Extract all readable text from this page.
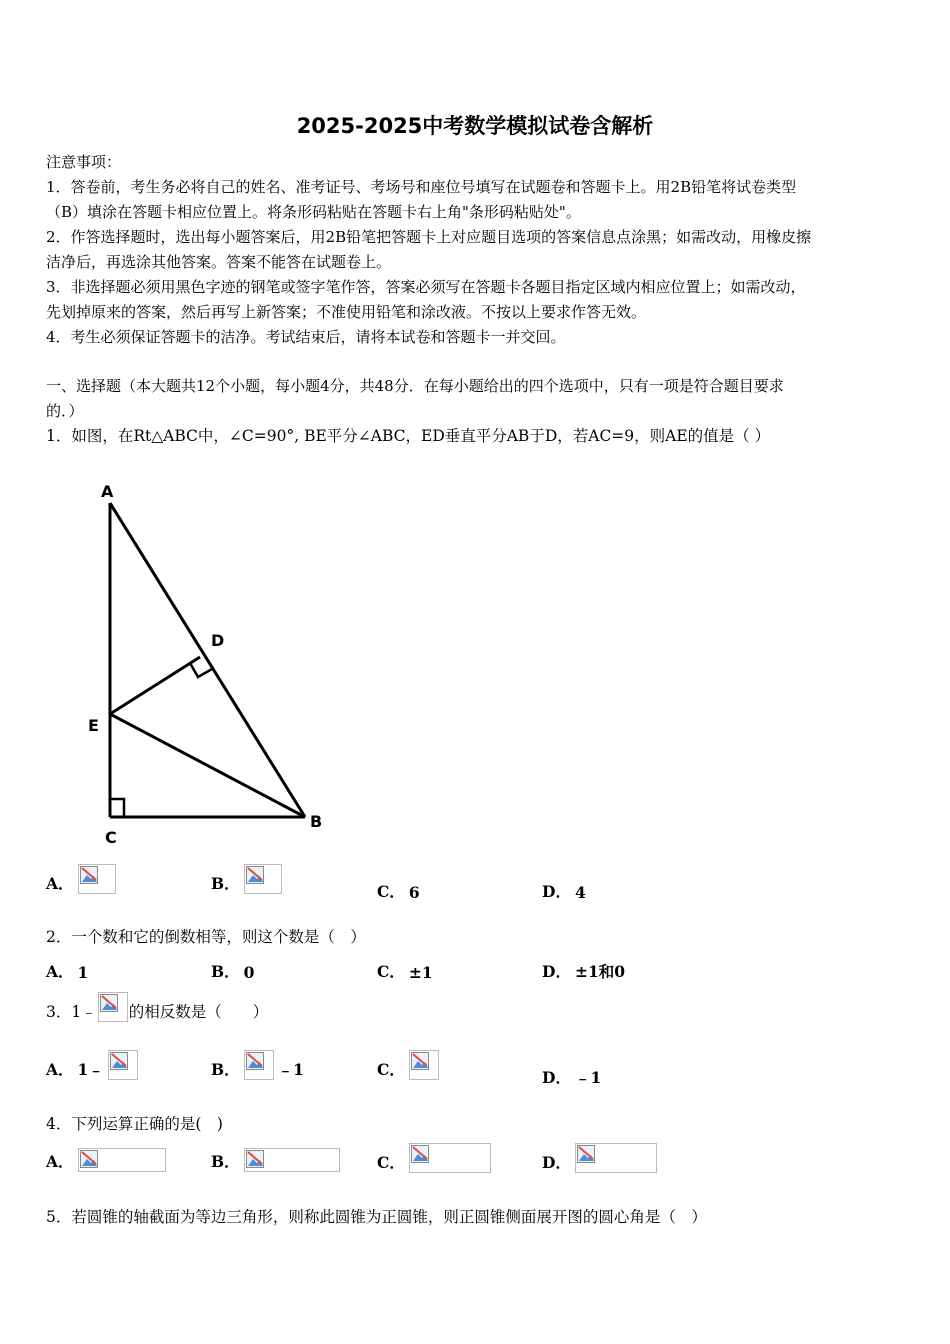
2025-2025中考数学模拟试卷含解析
注意事项：
1．答卷前，考生务必将自己的姓名、准考证号、考场号和座位号填写在试题卷和答题卡上。用2B铅笔将试卷类型
（B）填涂在答题卡相应位置上。将条形码粘贴在答题卡右上角"条形码粘贴处"。
2．作答选择题时，选出每小题答案后，用2B铅笔把答题卡上对应题目选项的答案信息点涂黑；如需改动，用橡皮擦
洁净后，再选涂其他答案。答案不能答在试题卷上。
3．非选择题必须用黑色字迹的钢笔或签字笔作答，答案必须写在答题卡各题目指定区域内相应位置上；如需改动，
先划掉原来的答案，然后再写上新答案；不准使用铅笔和涂改液。不按以上要求作答无效。
4．考生必须保证答题卡的洁净。考试结束后，请将本试卷和答题卡一并交回。
一、选择题（本大题共12个小题，每小题4分，共48分．在每小题给出的四个选项中，只有一项是符合题目要求
的．）
1．如图，在Rt△ABC中，∠C=90°, BE平分∠ABC，ED垂直平分AB于D，若AC=9，则AE的值是（ ）
A
D
E
C
B
A．	B．	C． 6	D． 4
2．一个数和它的倒数相等，则这个数是（　）
A． 1	B． 0	C． ±1	D． ±1和0
3．1﹣ 的相反数是（　　）
A． 1﹣	B． ﹣1	C．	D． ﹣1
4．下列运算正确的是(　)
A．	B．	C．	D．
5．若圆锥的轴截面为等边三角形，则称此圆锥为正圆锥，则正圆锥侧面展开图的圆心角是（　）
